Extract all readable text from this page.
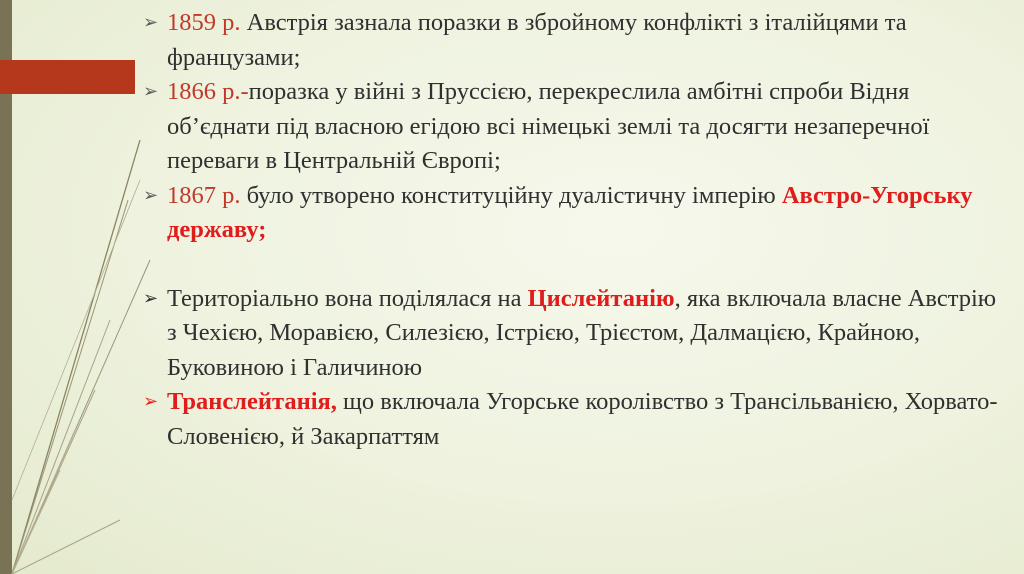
➢ 1859 р. Австрія зазнала поразки в збройному конфлікті з італійцями та французами;
➢ 1866 р.-поразка у війні з Пруссією, перекреслила амбітні спроби Відня об’єднати під власною егідою всі німецькі землі та досягти незаперечної переваги в Центральній Європі;
➢ 1867 р. було утворено конституційну дуалістичну імперію Австро-Угорську державу;
➢ Територіально вона поділялася на Цислейтанію, яка включала власне Австрію з Чехією, Моравією, Силезією, Істрією, Трієстом, Далмацією, Крайною, Буковиною і Галичиною
➢ Транслейтанія, що включала Угорське королівство з Трансільванією, Хорвато-Словенією, й Закарпаттям
